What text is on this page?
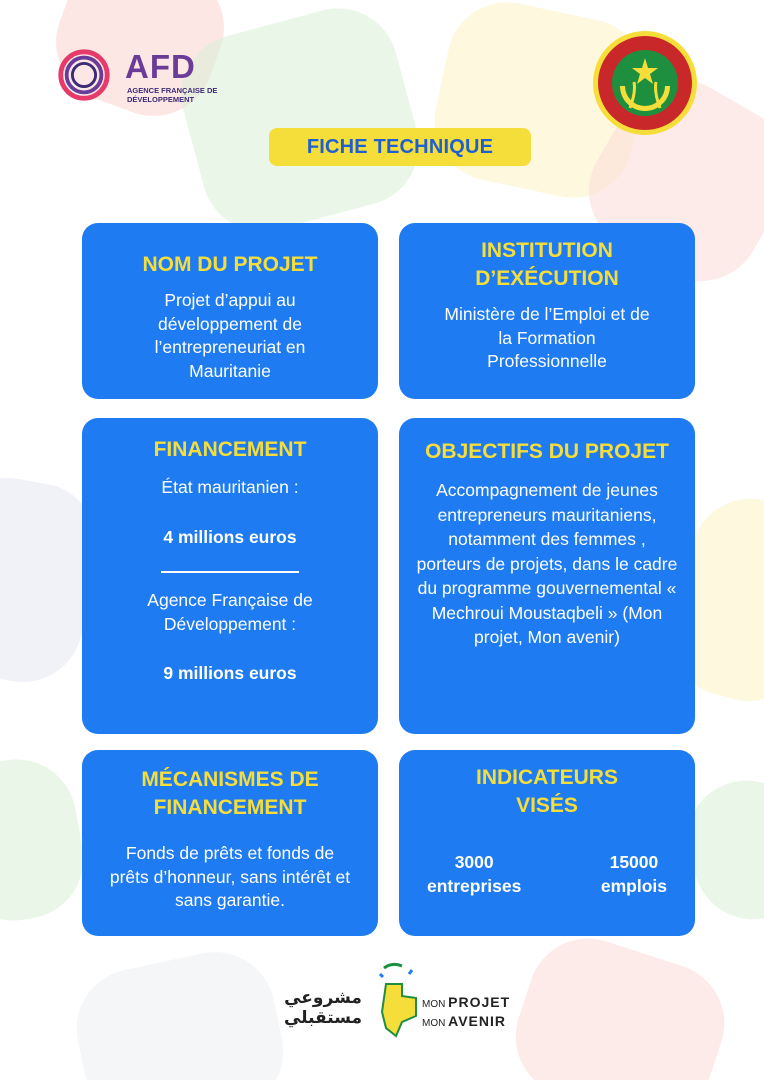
AFD
AGENCE FRANÇAISE DE DÉVELOPPEMENT
FICHE TECHNIQUE
NOM DU PROJET
Projet d’appui au développement de l’entrepreneuriat en Mauritanie
INSTITUTION
D’EXÉCUTION
Ministère de l’Emploi et de la Formation Professionnelle
FINANCEMENT
État mauritanien :
4 millions euros
Agence Française de Développement :
9 millions euros
OBJECTIFS DU PROJET
Accompagnement de jeunes entrepreneurs mauritaniens, notamment des femmes , porteurs de projets, dans le cadre du programme gouvernemental « Mechroui Moustaqbeli » (Mon projet, Mon avenir)
MÉCANISMES DE
FINANCEMENT
Fonds de prêts et fonds de prêts d’honneur, sans intérêt et sans garantie.
INDICATEURS
VISÉS
3000
entreprises
15000
emplois
مشروعي
مستقبلي
MON PROJET
MON AVENIR
